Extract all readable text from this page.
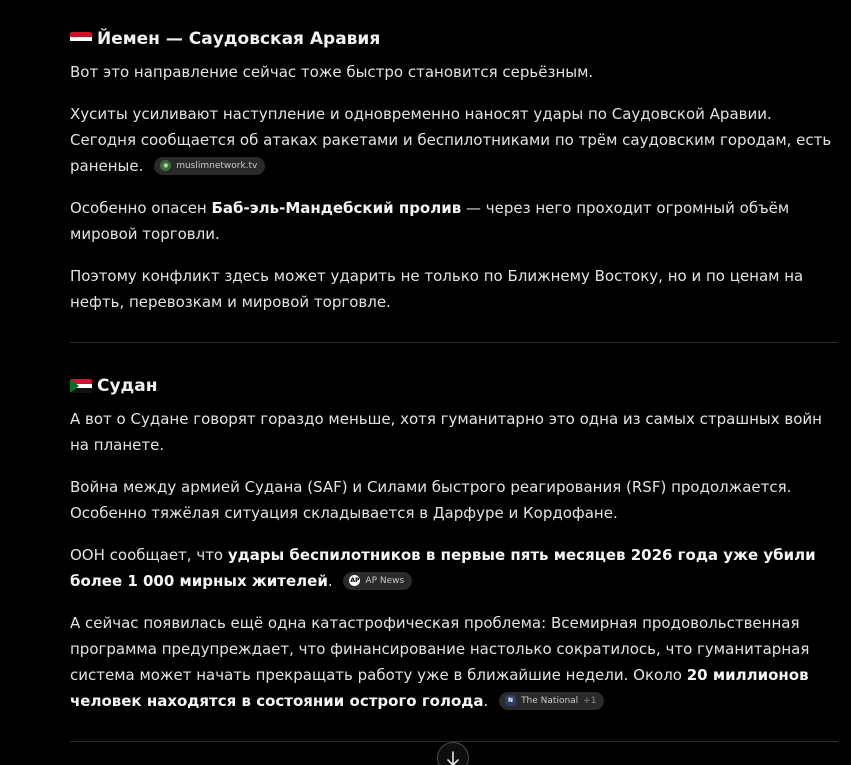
Йемен — Саудовская Аравия

Вот это направление сейчас тоже быстро становится серьёзным.

Хуситы усиливают наступление и одновременно наносят удары по Саудовской Аравии. Сегодня сообщается об атаках ракетами и беспилотниками по трём саудовским городам, есть раненые.	◉ muslimnetwork.tv

Особенно опасен Баб-эль-Мандебский пролив — через него проходит огромный объём мировой торговли.

Поэтому конфликт здесь может ударить не только по Ближнему Востоку, но и по ценам на нефть, перевозкам и мировой торговле.

Судан

А вот о Судане говорят гораздо меньше, хотя гуманитарно это одна из самых страшных войн на планете.

Война между армией Судана (SAF) и Силами быстрого реагирования (RSF) продолжается. Особенно тяжёлая ситуация складывается в Дарфуре и Кордофане.

ООН сообщает, что удары беспилотников в первые пять месяцев 2026 года уже убили более 1 000 мирных жителей.	AP AP News

А сейчас появилась ещё одна катастрофическая проблема: Всемирная продовольственная программа предупреждает, что финансирование настолько сократилось, что гуманитарная система может начать прекращать работу уже в ближайшие недели. Около 20 миллионов человек находятся в состоянии острого голода.	N The National +1
